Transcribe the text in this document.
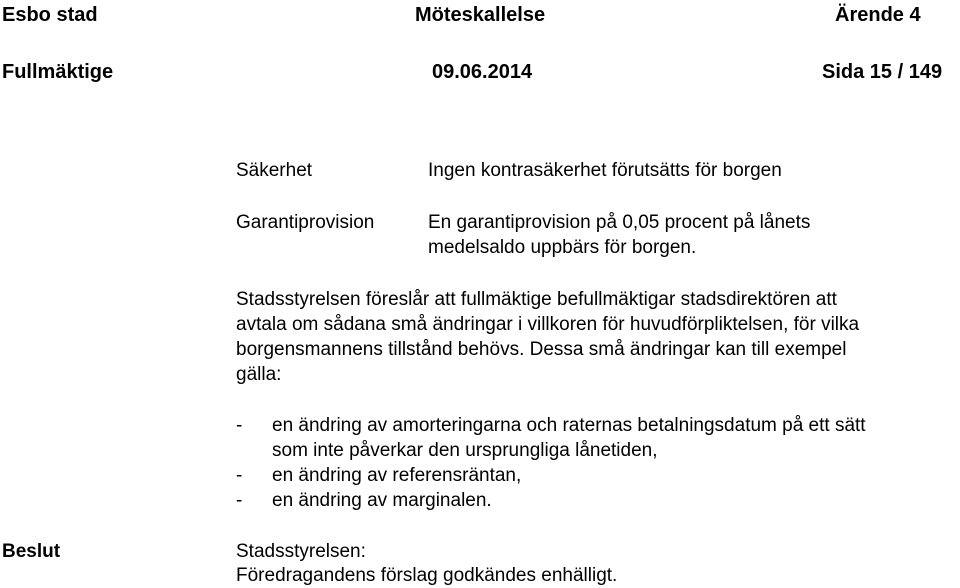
Esbo stad	Möteskallelse	Ärende 4
Fullmäktige	09.06.2014	Sida 15 / 149
Säkerhet	Ingen kontrasäkerhet förutsätts för borgen
Garantiprovision	En garantiprovision på 0,05 procent på lånets
medelsaldo uppbärs för borgen.
Stadsstyrelsen föreslår att fullmäktige befullmäktigar stadsdirektören att
avtala om sådana små ändringar i villkoren för huvudförpliktelsen, för vilka
borgensmannens tillstånd behövs. Dessa små ändringar kan till exempel
gälla:
- en ändring av amorteringarna och raternas betalningsdatum på ett sätt
som inte påverkar den ursprungliga lånetiden,
- en ändring av referensräntan,
- en ändring av marginalen.
Beslut	Stadsstyrelsen:
Föredragandens förslag godkändes enhälligt.
